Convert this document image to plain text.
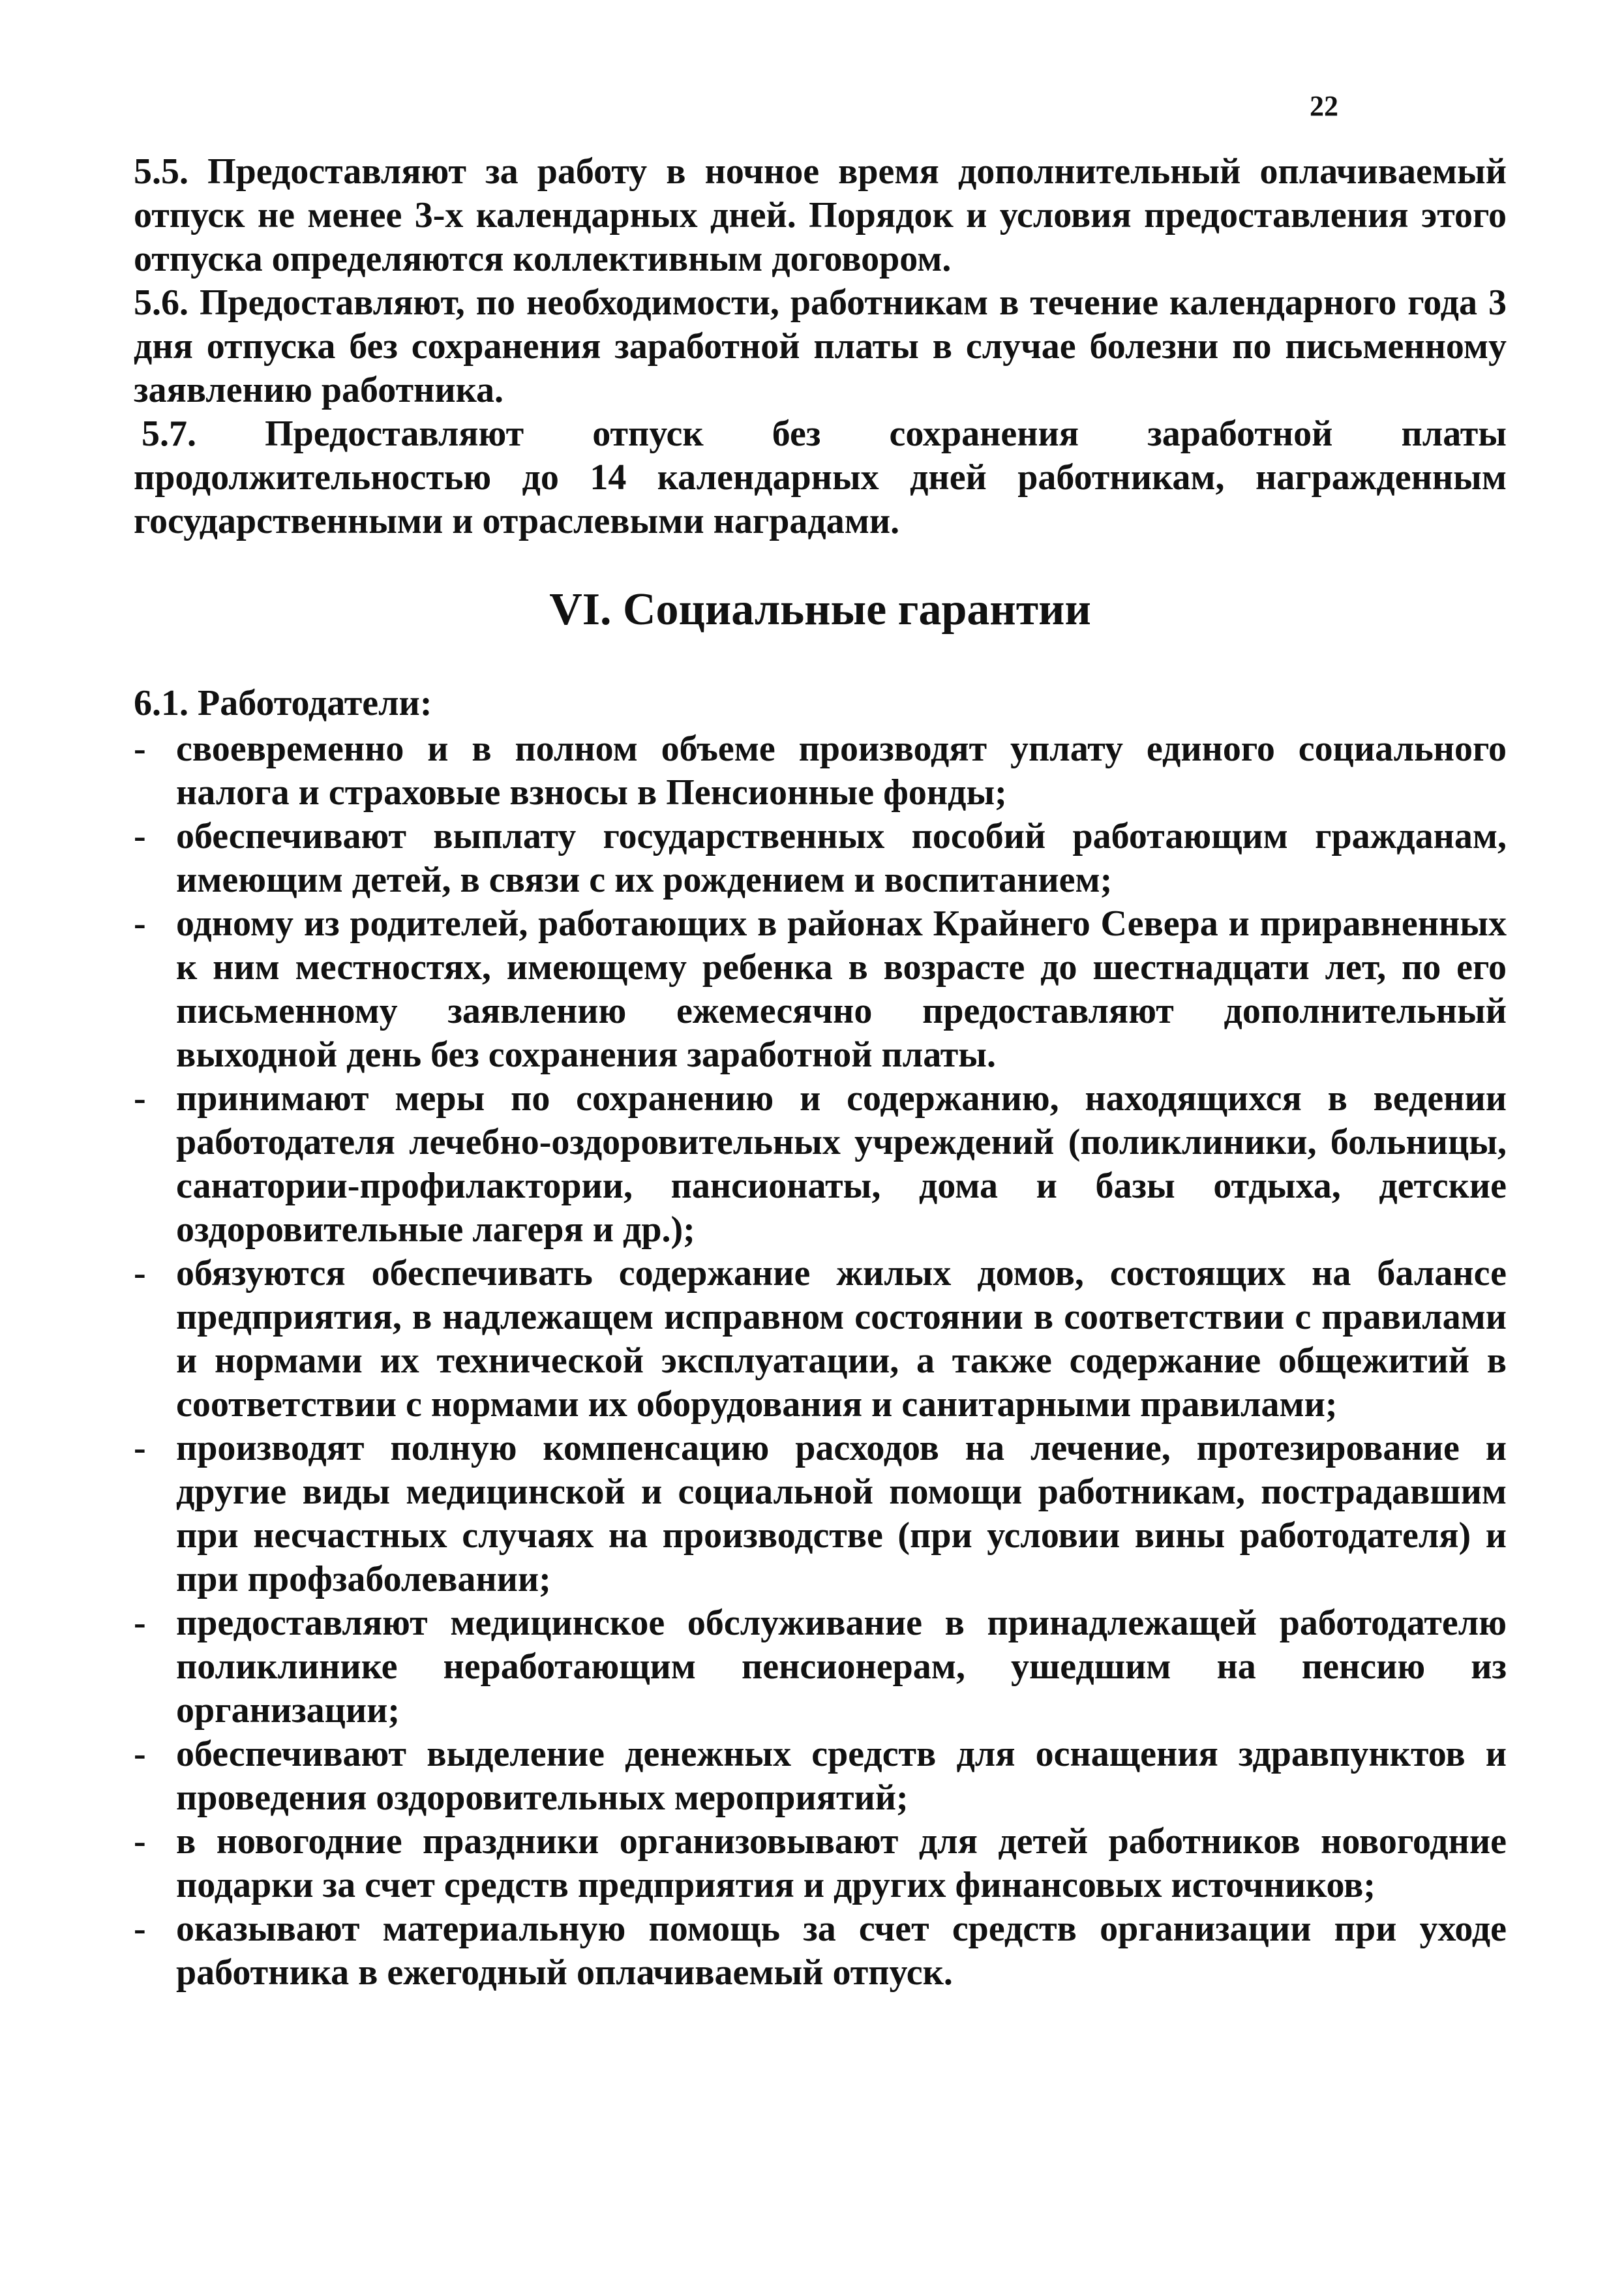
22

5.5. Предоставляют за работу в ночное время дополнительный оплачиваемый отпуск не менее 3-х календарных дней. Порядок и условия предоставления этого отпуска определяются коллективным договором.

5.6. Предоставляют, по необходимости, работникам в течение календарного года 3 дня отпуска без сохранения заработной платы в случае болезни по письменному заявлению работника.

5.7. Предоставляют отпуск без сохранения заработной платы продолжительностью до 14 календарных дней работникам, награжденным государственными и отраслевыми наградами.

VI. Социальные гарантии

6.1. Работодатели:

- своевременно и в полном объеме производят уплату единого социального налога и страховые взносы в Пенсионные фонды;
- обеспечивают выплату государственных пособий работающим гражданам, имеющим детей, в связи с их рождением и воспитанием;
- одному из родителей, работающих в районах Крайнего Севера и приравненных к ним местностях, имеющему ребенка в возрасте до шестнадцати лет, по его письменному заявлению ежемесячно предоставляют дополнительный выходной день без сохранения заработной платы.
- принимают меры по сохранению и содержанию, находящихся в ведении работодателя лечебно-оздоровительных учреждений (поликлиники, больницы, санатории-профилактории, пансионаты, дома и базы отдыха, детские оздоровительные лагеря и др.);
- обязуются обеспечивать содержание жилых домов, состоящих на балансе предприятия, в надлежащем исправном состоянии в соответствии с правилами и нормами их технической эксплуатации, а также содержание общежитий в соответствии с нормами их оборудования и санитарными правилами;
- производят полную компенсацию расходов на лечение, протезирование и другие виды медицинской и социальной помощи работникам, пострадавшим при несчастных случаях на производстве (при условии вины работодателя) и при профзаболевании;
- предоставляют медицинское обслуживание в принадлежащей работодателю поликлинике неработающим пенсионерам, ушедшим на пенсию из организации;
- обеспечивают выделение денежных средств для оснащения здравпунктов и проведения оздоровительных мероприятий;
- в новогодние праздники организовывают для детей работников новогодние подарки за счет средств предприятия и других финансовых источников;
- оказывают материальную помощь за счет средств организации при уходе работника в ежегодный оплачиваемый отпуск.
